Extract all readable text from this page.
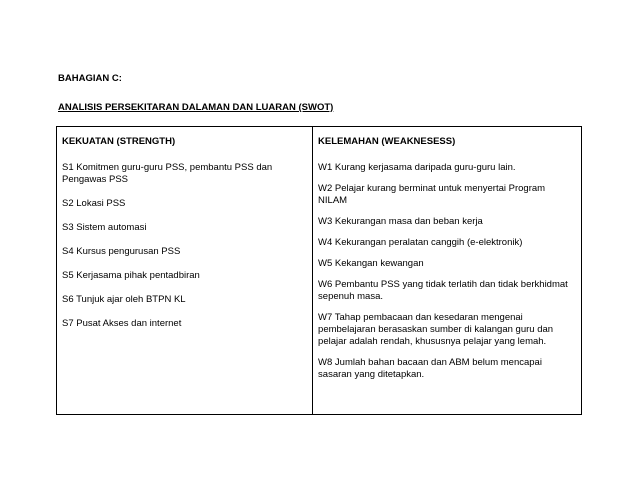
BAHAGIAN C:
ANALISIS PERSEKITARAN DALAMAN DAN LUARAN (SWOT)
KEKUATAN (STRENGTH)
S1 Komitmen guru-guru PSS, pembantu PSS dan Pengawas PSS
S2 Lokasi PSS
S3 Sistem automasi
S4 Kursus pengurusan PSS
S5 Kerjasama pihak pentadbiran
S6 Tunjuk ajar oleh BTPN KL
S7 Pusat Akses dan internet
KELEMAHAN (WEAKNESESS)
W1 Kurang kerjasama daripada guru-guru lain.
W2 Pelajar kurang berminat untuk menyertai Program NILAM
W3 Kekurangan masa dan beban kerja
W4 Kekurangan peralatan canggih (e-elektronik)
W5 Kekangan kewangan
W6 Pembantu PSS yang tidak terlatih dan tidak berkhidmat sepenuh masa.
W7 Tahap pembacaan dan kesedaran mengenai pembelajaran berasaskan sumber di kalangan guru dan pelajar adalah rendah, khususnya pelajar yang lemah.
W8 Jumlah bahan bacaan dan ABM belum mencapai sasaran yang ditetapkan.
